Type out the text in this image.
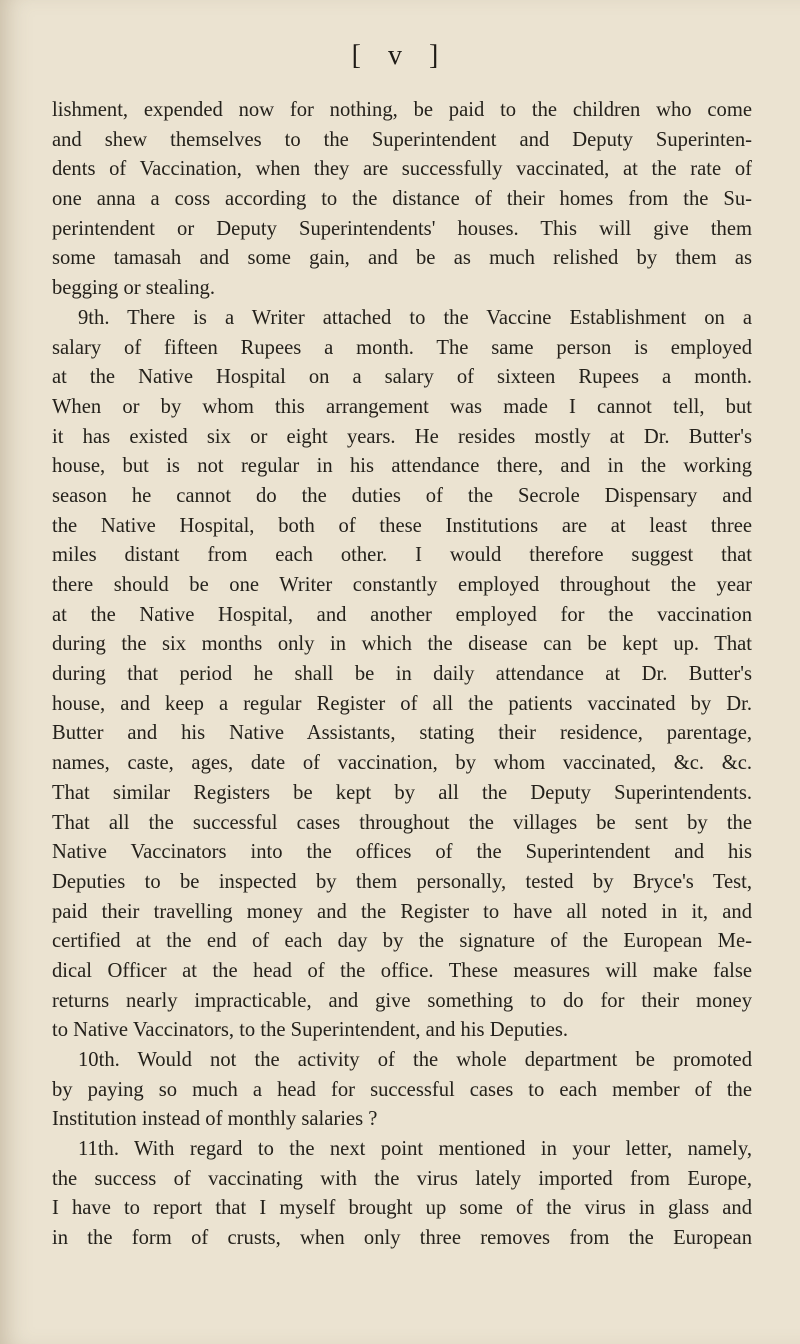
[ v ]
lishment, expended now for nothing, be paid to the children who come
and shew themselves to the Superintendent and Deputy Superinten-
dents of Vaccination, when they are successfully vaccinated, at the rate of
one anna a coss according to the distance of their homes from the Su-
perintendent or Deputy Superintendents' houses. This will give them
some tamasah and some gain, and be as much relished by them as
begging or stealing.
9th. There is a Writer attached to the Vaccine Establishment on a
salary of fifteen Rupees a month. The same person is employed
at the Native Hospital on a salary of sixteen Rupees a month.
When or by whom this arrangement was made I cannot tell, but
it has existed six or eight years. He resides mostly at Dr. Butter's
house, but is not regular in his attendance there, and in the working
season he cannot do the duties of the Secrole Dispensary and
the Native Hospital, both of these Institutions are at least three
miles distant from each other. I would therefore suggest that
there should be one Writer constantly employed throughout the year
at the Native Hospital, and another employed for the vaccination
during the six months only in which the disease can be kept up. That
during that period he shall be in daily attendance at Dr. Butter's
house, and keep a regular Register of all the patients vaccinated by Dr.
Butter and his Native Assistants, stating their residence, parentage,
names, caste, ages, date of vaccination, by whom vaccinated, &c. &c.
That similar Registers be kept by all the Deputy Superintendents.
That all the successful cases throughout the villages be sent by the
Native Vaccinators into the offices of the Superintendent and his
Deputies to be inspected by them personally, tested by Bryce's Test,
paid their travelling money and the Register to have all noted in it, and
certified at the end of each day by the signature of the European Me-
dical Officer at the head of the office. These measures will make false
returns nearly impracticable, and give something to do for their money
to Native Vaccinators, to the Superintendent, and his Deputies.
10th. Would not the activity of the whole department be promoted
by paying so much a head for successful cases to each member of the
Institution instead of monthly salaries ?
11th. With regard to the next point mentioned in your letter, namely,
the success of vaccinating with the virus lately imported from Europe,
I have to report that I myself brought up some of the virus in glass and
in the form of crusts, when only three removes from the European
